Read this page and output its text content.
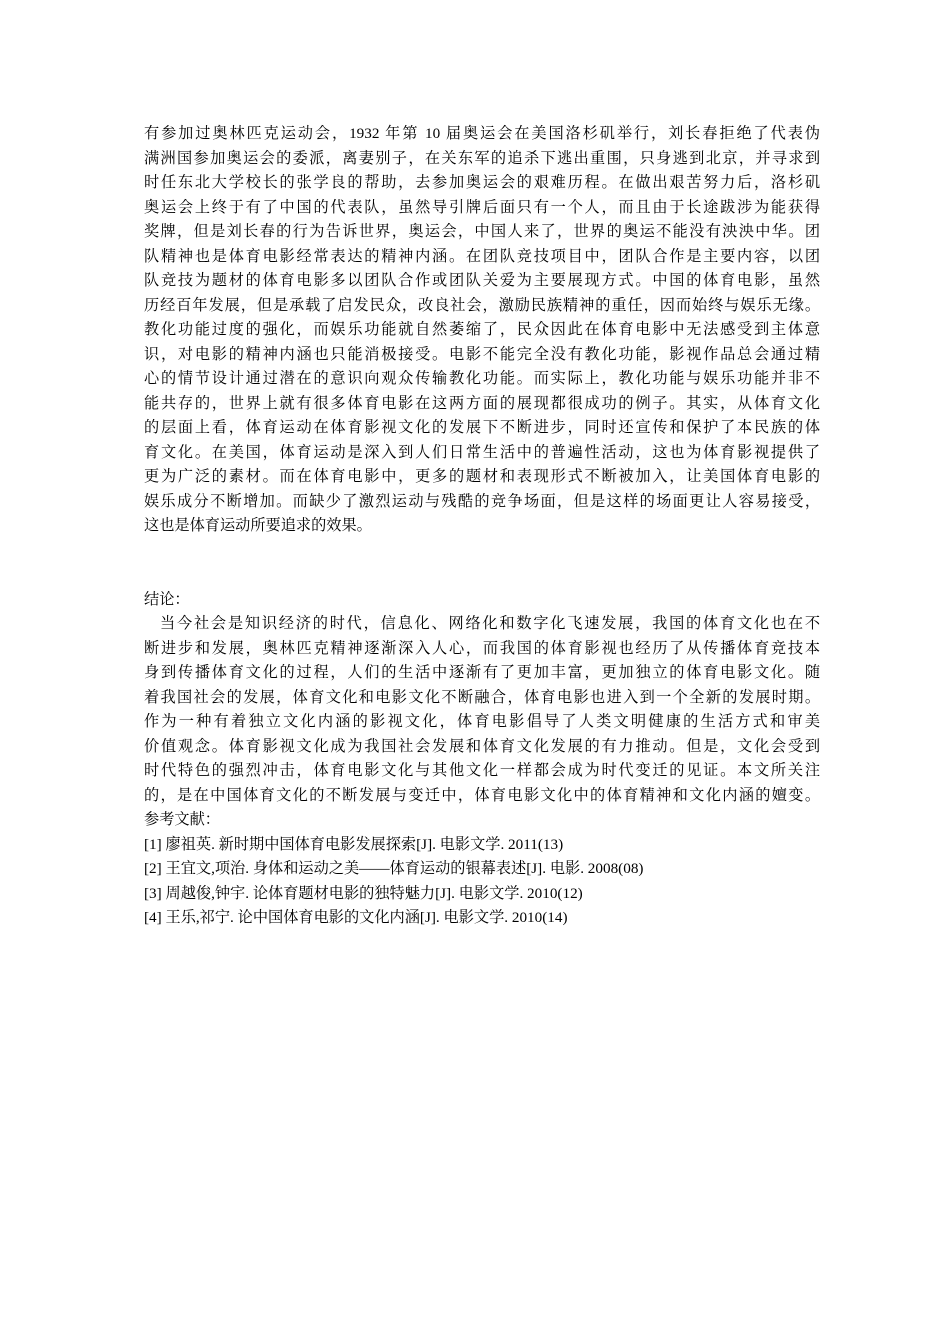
有参加过奥林匹克运动会，1932 年第 10 届奥运会在美国洛杉矶举行，刘长春拒绝了代表伪
满洲国参加奥运会的委派，离妻别子，在关东军的追杀下逃出重围，只身逃到北京，并寻求到
时任东北大学校长的张学良的帮助，去参加奥运会的艰难历程。在做出艰苦努力后，洛杉矶
奥运会上终于有了中国的代表队，虽然导引牌后面只有一个人，而且由于长途跋涉为能获得
奖牌，但是刘长春的行为告诉世界，奥运会，中国人来了，世界的奥运不能没有泱泱中华。团
队精神也是体育电影经常表达的精神内涵。在团队竞技项目中，团队合作是主要内容，以团
队竞技为题材的体育电影多以团队合作或团队关爱为主要展现方式。中国的体育电影，虽然
历经百年发展，但是承载了启发民众，改良社会，激励民族精神的重任，因而始终与娱乐无缘。
教化功能过度的强化，而娱乐功能就自然萎缩了，民众因此在体育电影中无法感受到主体意
识，对电影的精神内涵也只能消极接受。电影不能完全没有教化功能，影视作品总会通过精
心的情节设计通过潜在的意识向观众传输教化功能。而实际上，教化功能与娱乐功能并非不
能共存的，世界上就有很多体育电影在这两方面的展现都很成功的例子。其实，从体育文化
的层面上看，体育运动在体育影视文化的发展下不断进步，同时还宣传和保护了本民族的体
育文化。在美国，体育运动是深入到人们日常生活中的普遍性活动，这也为体育影视提供了
更为广泛的素材。而在体育电影中，更多的题材和表现形式不断被加入，让美国体育电影的
娱乐成分不断增加。而缺少了激烈运动与残酷的竞争场面，但是这样的场面更让人容易接受，
这也是体育运动所要追求的效果。
结论：
当今社会是知识经济的时代，信息化、网络化和数字化飞速发展，我国的体育文化也在不
断进步和发展，奥林匹克精神逐渐深入人心，而我国的体育影视也经历了从传播体育竞技本
身到传播体育文化的过程，人们的生活中逐渐有了更加丰富，更加独立的体育电影文化。随
着我国社会的发展，体育文化和电影文化不断融合，体育电影也进入到一个全新的发展时期。
作为一种有着独立文化内涵的影视文化，体育电影倡导了人类文明健康的生活方式和审美
价值观念。体育影视文化成为我国社会发展和体育文化发展的有力推动。但是，文化会受到
时代特色的强烈冲击，体育电影文化与其他文化一样都会成为时代变迁的见证。本文所关注
的，是在中国体育文化的不断发展与变迁中，体育电影文化中的体育精神和文化内涵的嬗变。
参考文献：
[1] 廖祖英. 新时期中国体育电影发展探索[J]. 电影文学. 2011(13)
[2] 王宜文,项治. 身体和运动之美——体育运动的银幕表述[J]. 电影. 2008(08)
[3] 周越俊,钟宇. 论体育题材电影的独特魅力[J]. 电影文学. 2010(12)
[4] 王乐,祁宁. 论中国体育电影的文化内涵[J]. 电影文学. 2010(14)
